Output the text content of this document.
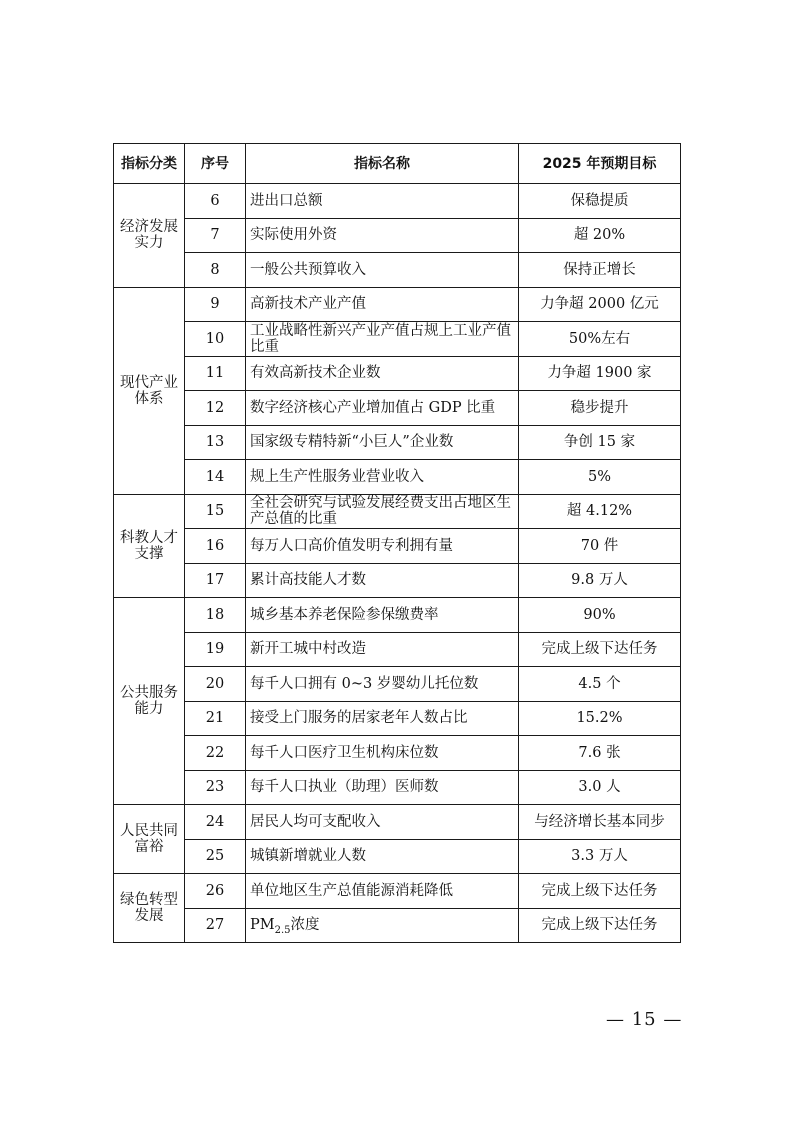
指标分类	序号	指标名称	2025 年预期目标
经济发展实力	6	进出口总额	保稳提质
	7	实际使用外资	超 20%
	8	一般公共预算收入	保持正增长
现代产业体系	9	高新技术产业产值	力争超 2000 亿元
	10	工业战略性新兴产业产值占规上工业产值比重	50%左右
	11	有效高新技术企业数	力争超 1900 家
	12	数字经济核心产业增加值占 GDP 比重	稳步提升
	13	国家级专精特新“小巨人”企业数	争创 15 家
	14	规上生产性服务业营业收入	5%
科教人才支撑	15	全社会研究与试验发展经费支出占地区生产总值的比重	超 4.12%
	16	每万人口高价值发明专利拥有量	70 件
	17	累计高技能人才数	9.8 万人
公共服务能力	18	城乡基本养老保险参保缴费率	90%
	19	新开工城中村改造	完成上级下达任务
	20	每千人口拥有 0~3 岁婴幼儿托位数	4.5 个
	21	接受上门服务的居家老年人数占比	15.2%
	22	每千人口医疗卫生机构床位数	7.6 张
	23	每千人口执业（助理）医师数	3.0 人
人民共同富裕	24	居民人均可支配收入	与经济增长基本同步
	25	城镇新增就业人数	3.3 万人
绿色转型发展	26	单位地区生产总值能源消耗降低	完成上级下达任务
	27	$PM_{2.5}$浓度	完成上级下达任务
— 15 —
